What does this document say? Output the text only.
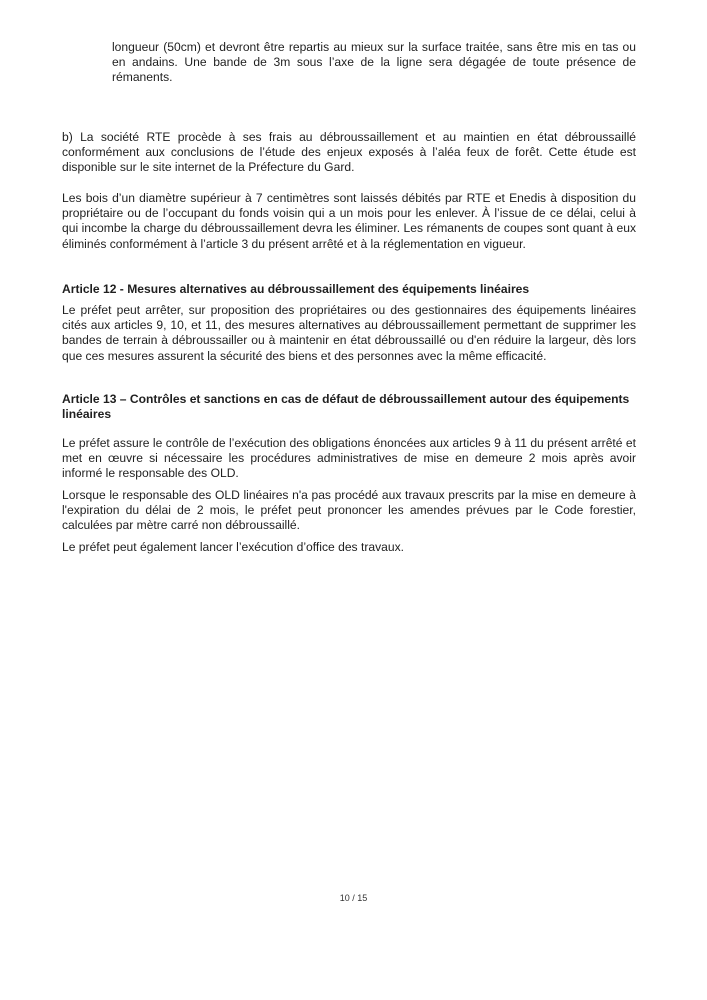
longueur (50cm) et devront être repartis au mieux sur la surface traitée, sans être mis en tas ou en andains. Une bande de 3m sous l’axe de la ligne sera dégagée de toute présence de rémanents.

b) La société RTE procède à ses frais au débroussaillement et au maintien en état débroussaillé conformément aux conclusions de l’étude des enjeux exposés à l’aléa feux de forêt. Cette étude est disponible sur le site internet de la Préfecture du Gard.

Les bois d’un diamètre supérieur à 7 centimètres sont laissés débités par RTE et Enedis à disposition du propriétaire ou de l’occupant du fonds voisin qui a un mois pour les enlever. À l’issue de ce délai, celui à qui incombe la charge du débroussaillement devra les éliminer. Les rémanents de coupes sont quant à eux éliminés conformément à l’article 3 du présent arrêté et à la réglementation en vigueur.

Article 12 - Mesures alternatives au débroussaillement des équipements linéaires

Le préfet peut arrêter, sur proposition des propriétaires ou des gestionnaires des équipements linéaires cités aux articles 9, 10, et 11, des mesures alternatives au débroussaillement permettant de supprimer les bandes de terrain à débroussailler ou à maintenir en état débroussaillé ou d'en réduire la largeur, dès lors que ces mesures assurent la sécurité des biens et des personnes avec la même efficacité.

Article 13 – Contrôles et sanctions en cas de défaut de débroussaillement autour des équipements linéaires

Le préfet assure le contrôle de l’exécution des obligations énoncées aux articles 9 à 11 du présent arrêté et met en œuvre si nécessaire les procédures administratives de mise en demeure 2 mois après avoir informé le responsable des OLD.

Lorsque le responsable des OLD linéaires n'a pas procédé aux travaux prescrits par la mise en demeure à l'expiration du délai de 2 mois, le préfet peut prononcer les amendes prévues par le Code forestier, calculées par mètre carré non débroussaillé.

Le préfet peut également lancer l’exécution d’office des travaux.

10 / 15
